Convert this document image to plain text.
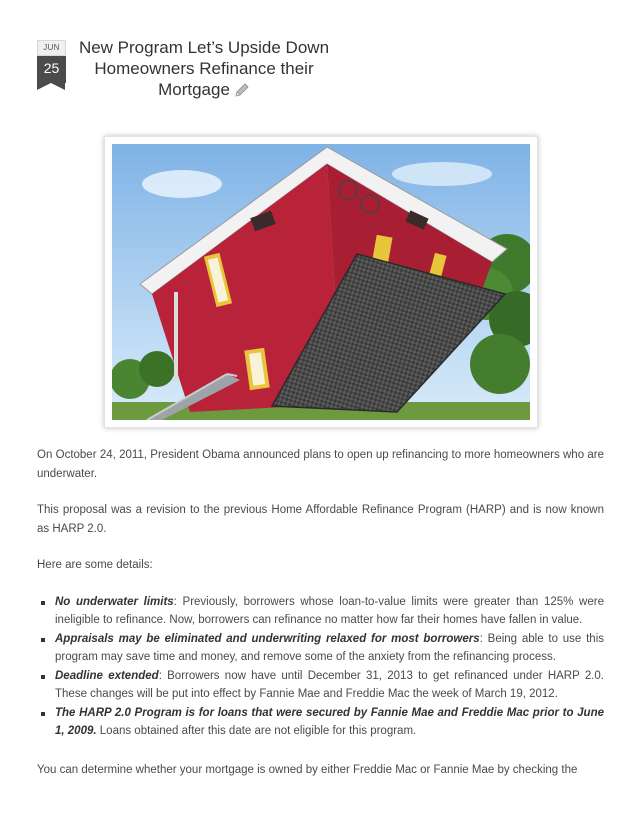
JUN
25
New Program Let’s Upside Down Homeowners Refinance their Mortgage

On October 24, 2011, President Obama announced plans to open up refinancing to more homeowners who are underwater.

This proposal was a revision to the previous Home Affordable Refinance Program (HARP) and is now known as HARP 2.0.

Here are some details:

No underwater limits: Previously, borrowers whose loan-to-value limits were greater than 125% were ineligible to refinance. Now, borrowers can refinance no matter how far their homes have fallen in value.
Appraisals may be eliminated and underwriting relaxed for most borrowers: Being able to use this program may save time and money, and remove some of the anxiety from the refinancing process.
Deadline extended: Borrowers now have until December 31, 2013 to get refinanced under HARP 2.0. These changes will be put into effect by Fannie Mae and Freddie Mac the week of March 19, 2012.
The HARP 2.0 Program is for loans that were secured by Fannie Mae and Freddie Mac prior to June 1, 2009. Loans obtained after this date are not eligible for this program.

You can determine whether your mortgage is owned by either Freddie Mac or Fannie Mae by checking the
